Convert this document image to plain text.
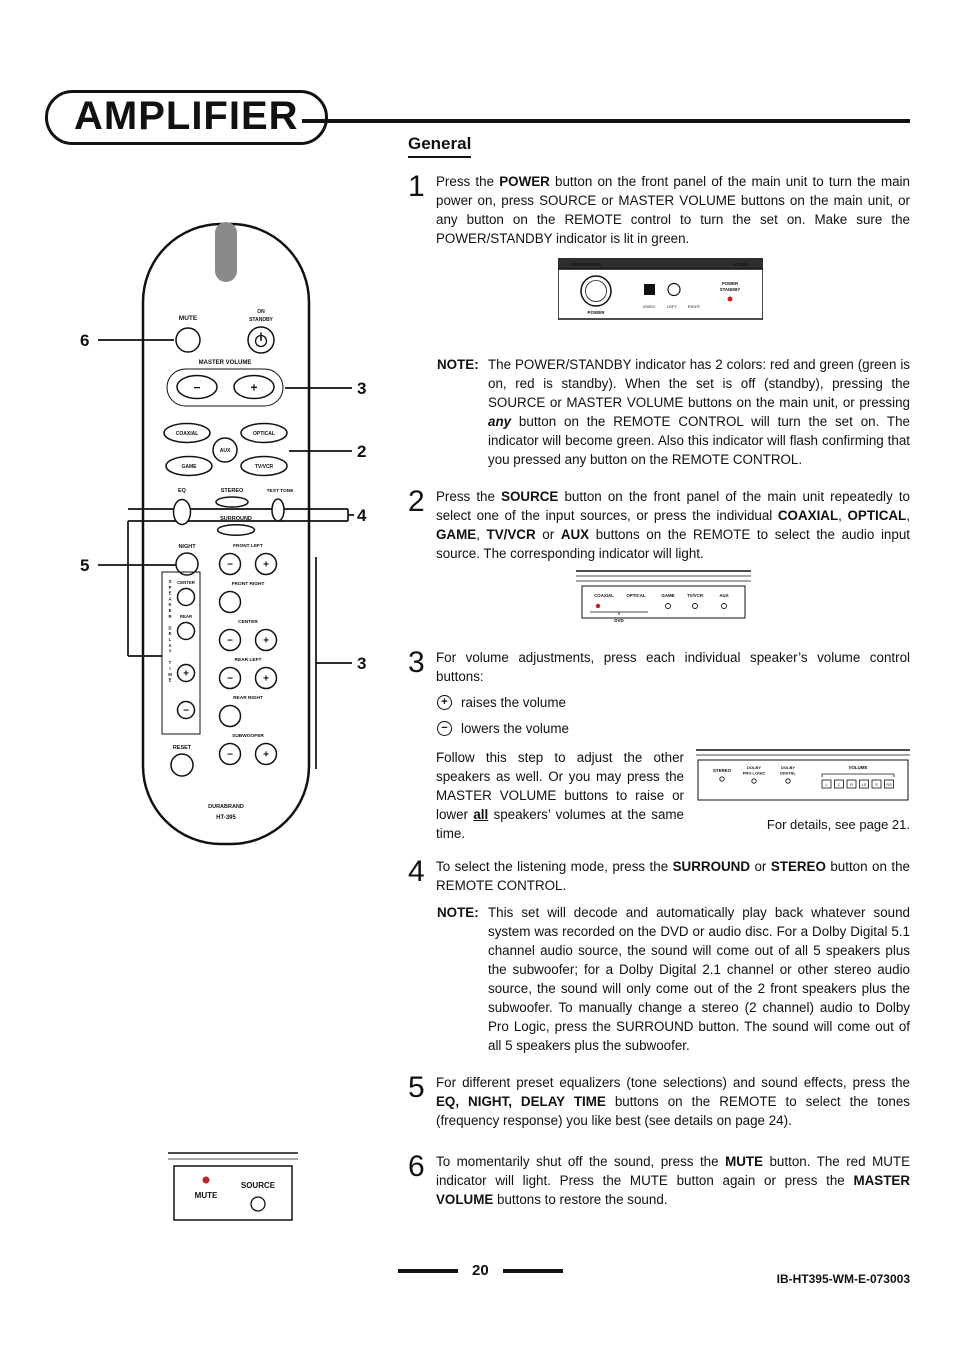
AMPLIFIER
MUTE
ON
STANDBY
MASTER VOLUME
−	+
COAXIAL	OPTICAL
AUX
GAME	TV/VCR
EQ	STEREO	TEST TONE
SURROUND
NIGHT	FRONT LEFT
−	+
FRONT RIGHT
CENTER
−	+
REAR LEFT
−	+
REAR RIGHT
SUBWOOFER
−	+
SPEAKER DELAY TIME CENTER
REAR
+
−
RESET
DURABRAND
HT-395
6
3
2
4
5
3
MUTE
SOURCE
General
1 Press the POWER button on the front panel of the main unit to turn the main power on, press SOURCE or MASTER VOLUME buttons on the main unit, or any button on the REMOTE control to turn the set on. Make sure the POWER/STANDBY indicator is lit in green.
DURABRAND	HT-395
POWER
R
VIDEO	LEFT	RIGHT
POWER
STANDBY
NOTE: The POWER/STANDBY indicator has 2 colors: red and green (green is on, red is standby). When the set is off (standby), pressing the SOURCE or MASTER VOLUME buttons on the main unit, or pressing any button on the REMOTE CONTROL will turn the set on. The indicator will become green. Also this indicator will flash confirming that you pressed any button on the REMOTE CONTROL.
2 Press the SOURCE button on the front panel of the main unit repeatedly to select one of the input sources, or press the individual COAXIAL, OPTICAL, GAME, TV/VCR or AUX buttons on the REMOTE to select the audio input source. The corresponding indicator will light.
COAXIAL	OPTICAL	GAME	TV/VCR	AUX
DVD
3 For volume adjustments, press each individual speaker’s volume control buttons:
+ raises the volume
− lowers the volume
Follow this step to adjust the other speakers as well. Or you may press the MASTER VOLUME buttons to raise or lower all speakers’ volumes at the same time.
STEREO
DOLBY
PRO LOGIC
DOLBY
DIGITAL
VOLUME
L	C	R LS S RS
For details, see page 21.
4 To select the listening mode, press the SURROUND or STEREO button on the REMOTE CONTROL.
NOTE: This set will decode and automatically play back whatever sound system was recorded on the DVD or audio disc. For a Dolby Digital 5.1 channel audio source, the sound will come out of all 5 speakers plus the subwoofer; for a Dolby Digital 2.1 channel or other stereo audio source, the sound will only come out of the 2 front speakers plus the subwoofer. To manually change a stereo (2 channel) audio to Dolby Pro Logic, press the SURROUND button. The sound will come out of all 5 speakers plus the subwoofer.
5 For different preset equalizers (tone selections) and sound effects, press the EQ, NIGHT, DELAY TIME buttons on the REMOTE to select the tones (frequency response) you like best (see details on page 24).
6 To momentarily shut off the sound, press the MUTE button. The red MUTE indicator will light. Press the MUTE button again or press the MASTER VOLUME buttons to restore the sound.
20	IB-HT395-WM-E-073003
